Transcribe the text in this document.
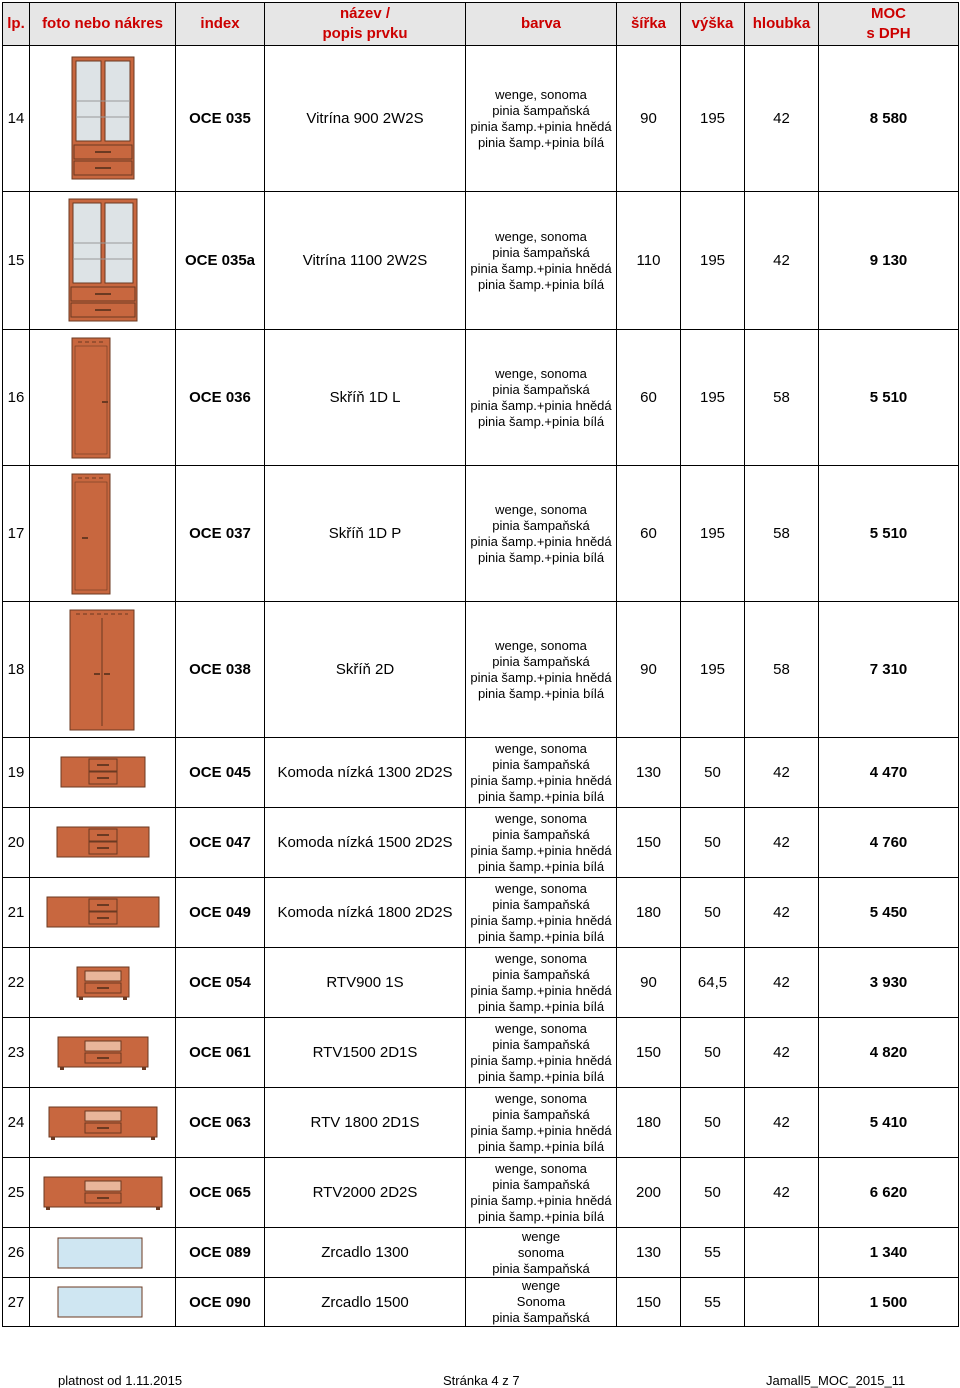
lp.	foto nebo nákres	index	název /
popis prvku	barva	šířka	výška	hloubka	MOC
s DPH
14		OCE 035	Vitrína 900 2W2S	wenge, sonoma
pinia šampaňská
pinia šamp.+pinia hnědá
pinia šamp.+pinia bílá	90	195	42	8 580
15		OCE 035a	Vitrína 1100 2W2S	wenge, sonoma
pinia šampaňská
pinia šamp.+pinia hnědá
pinia šamp.+pinia bílá	110	195	42	9 130
16		OCE 036	Skříň 1D L	wenge, sonoma
pinia šampaňská
pinia šamp.+pinia hnědá
pinia šamp.+pinia bílá	60	195	58	5 510
17		OCE 037	Skříň 1D P	wenge, sonoma
pinia šampaňská
pinia šamp.+pinia hnědá
pinia šamp.+pinia bílá	60	195	58	5 510
18		OCE 038	Skříň 2D	wenge, sonoma
pinia šampaňská
pinia šamp.+pinia hnědá
pinia šamp.+pinia bílá	90	195	58	7 310
19		OCE 045	Komoda nízká 1300 2D2S	wenge, sonoma
pinia šampaňská
pinia šamp.+pinia hnědá
pinia šamp.+pinia bílá	130	50	42	4 470
20		OCE 047	Komoda nízká 1500 2D2S	wenge, sonoma
pinia šampaňská
pinia šamp.+pinia hnědá
pinia šamp.+pinia bílá	150	50	42	4 760
21		OCE 049	Komoda nízká 1800 2D2S	wenge, sonoma
pinia šampaňská
pinia šamp.+pinia hnědá
pinia šamp.+pinia bílá	180	50	42	5 450
22		OCE 054	RTV900 1S	wenge, sonoma
pinia šampaňská
pinia šamp.+pinia hnědá
pinia šamp.+pinia bílá	90	64,5	42	3 930
23		OCE 061	RTV1500 2D1S	wenge, sonoma
pinia šampaňská
pinia šamp.+pinia hnědá
pinia šamp.+pinia bílá	150	50	42	4 820
24		OCE 063	RTV 1800 2D1S	wenge, sonoma
pinia šampaňská
pinia šamp.+pinia hnědá
pinia šamp.+pinia bílá	180	50	42	5 410
25		OCE 065	RTV2000 2D2S	wenge, sonoma
pinia šampaňská
pinia šamp.+pinia hnědá
pinia šamp.+pinia bílá	200	50	42	6 620
26		OCE 089	Zrcadlo 1300	wenge
sonoma
pinia šampaňská	130	55		1 340
27		OCE 090	Zrcadlo 1500	wenge
Sonoma
pinia šampaňská	150	55		1 500
platnost od 1.11.2015	Stránka 4 z 7	Jamall5_MOC_2015_11
